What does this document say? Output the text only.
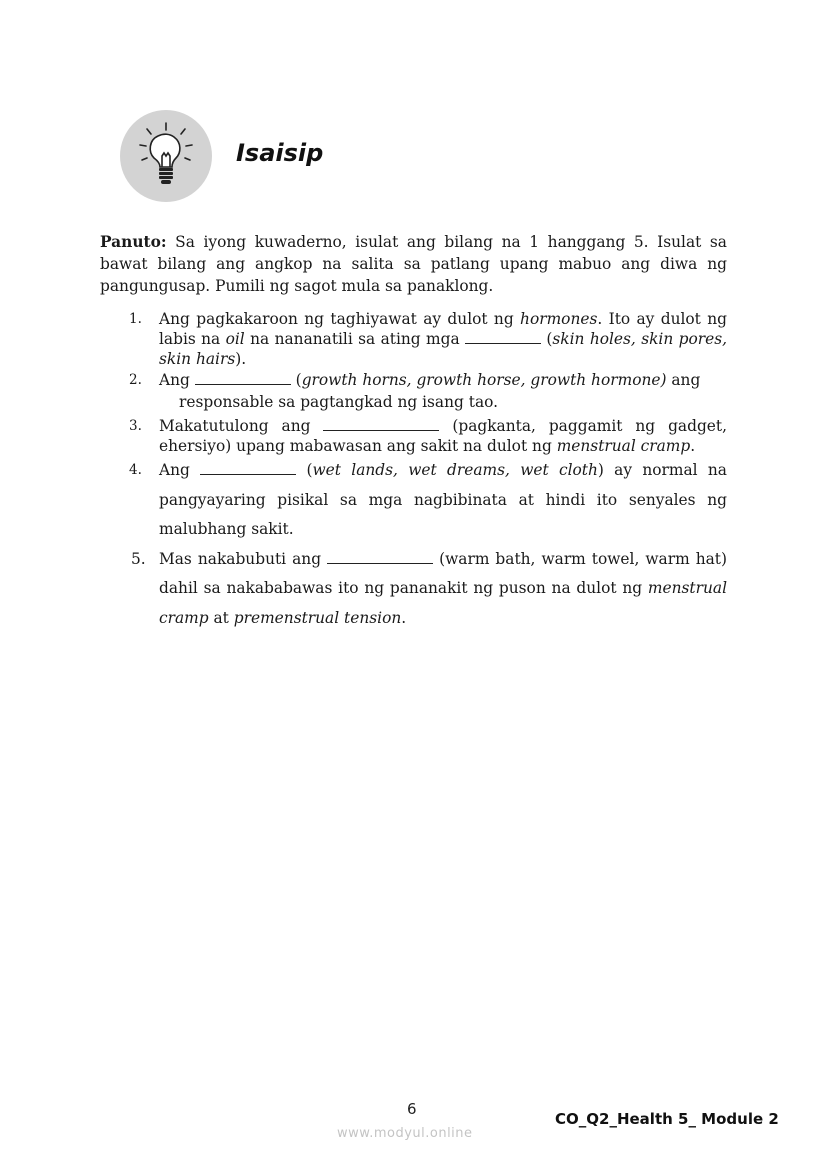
Isaisip

Panuto: Sa iyong kuwaderno, isulat ang bilang na 1 hanggang 5. Isulat sa bawat bilang ang angkop na salita sa patlang upang mabuo ang diwa ng pangungusap. Pumili ng sagot mula sa panaklong.

1. Ang pagkakaroon ng taghiyawat ay dulot ng hormones. Ito ay dulot ng labis na oil na nananatili sa ating mga	(skin holes, skin pores, skin hairs).
2. Ang	(growth horns, growth horse, growth hormone) ang
responsable sa pagtangkad ng isang tao.
3. Makatutulong ang	(pagkanta, paggamit ng gadget, ehersiyo) upang mabawasan ang sakit na dulot ng menstrual cramp.
4. Ang	(wet lands, wet dreams, wet cloth) ay normal na pangyayaring pisikal sa mga nagbibinata at hindi ito senyales ng malubhang sakit.
5. Mas nakabubuti ang	(warm bath, warm towel, warm hat) dahil sa nakababawas ito ng pananakit ng puson na dulot ng menstrual cramp at premenstrual tension.
6
CO_Q2_Health 5_ Module 2
www.modyul.online
